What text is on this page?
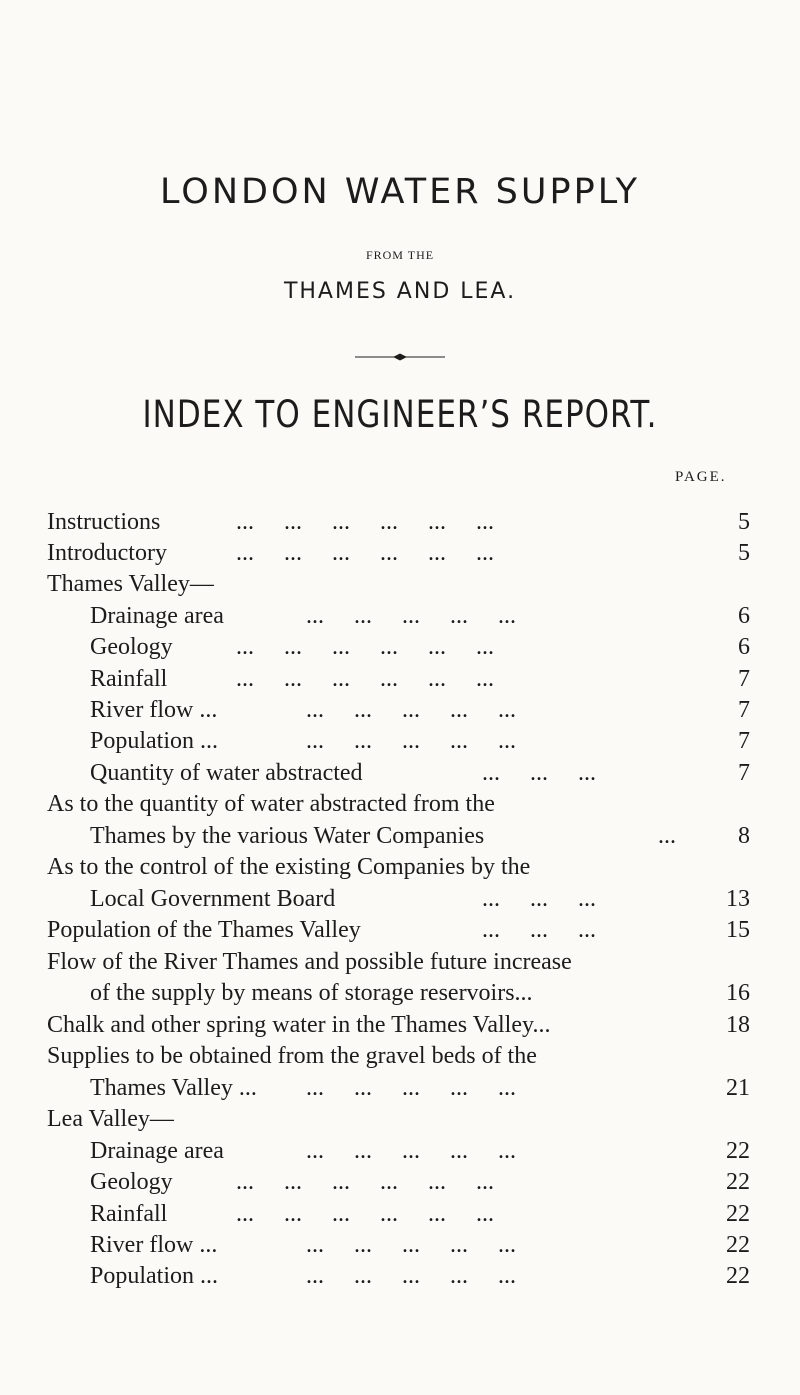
LONDON WATER SUPPLY
FROM THE
THAMES AND LEA.
INDEX TO ENGINEER’S REPORT.
PAGE.
Instructions	...     ...     ...     ...     ...     ...	5
Introductory	...     ...     ...     ...     ...     ...	5
Thames Valley—
Drainage area	...     ...     ...     ...     ...	6
Geology	...     ...     ...     ...     ...     ...	6
Rainfall	...     ...     ...     ...     ...     ...	7
River flow ...	...     ...     ...     ...     ...	7
Population ...	...     ...     ...     ...     ...	7
Quantity of water abstracted	...     ...     ...	7
As to the quantity of water abstracted from the
Thames by the various Water Companies	...	8
As to the control of the existing Companies by the
Local Government Board	...     ...     ...	13
Population of the Thames Valley	...     ...     ...	15
Flow of the River Thames and possible future increase
of the supply by means of storage reservoirs...	16
Chalk and other spring water in the Thames Valley...	18
Supplies to be obtained from the gravel beds of the
Thames Valley ... ...     ...     ...     ...     ...	21
Lea Valley—
Drainage area	...     ...     ...     ...     ...	22
Geology	...     ...     ...     ...     ...     ...	22
Rainfall	...     ...     ...     ...     ...     ...	22
River flow ...	...     ...     ...     ...     ...	22
Population ...	...     ...     ...     ...     ...	22
